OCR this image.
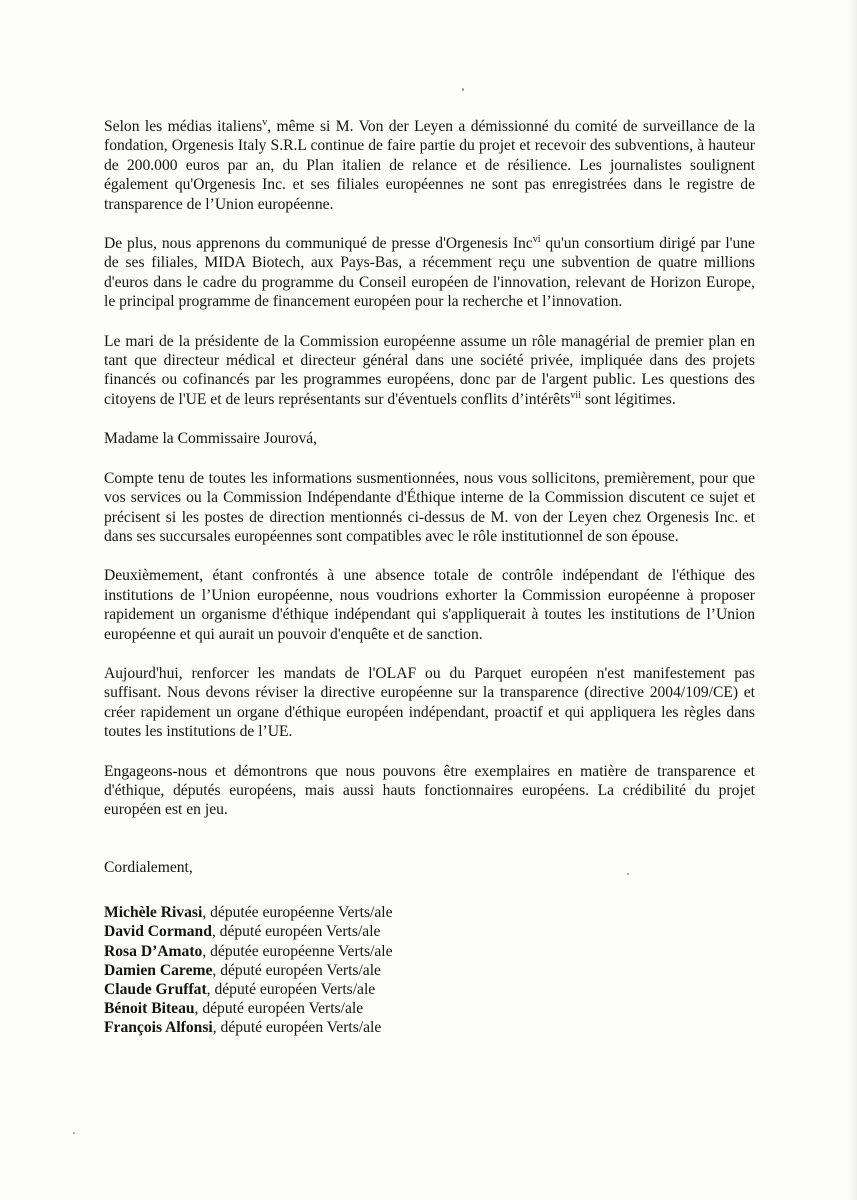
Selon les médias italiens$^v$, même si M. Von der Leyen a démissionné du comité de surveillance de la fondation, Orgenesis Italy S.R.L continue de faire partie du projet et recevoir des subventions, à hauteur de 200.000 euros par an, du Plan italien de relance et de résilience. Les journalistes soulignent également qu'Orgenesis Inc. et ses filiales européennes ne sont pas enregistrées dans le registre de transparence de l’Union européenne.

De plus, nous apprenons du communiqué de presse d'Orgenesis Inc$^{vi}$ qu'un consortium dirigé par l'une de ses filiales, MIDA Biotech, aux Pays-Bas, a récemment reçu une subvention de quatre millions d'euros dans le cadre du programme du Conseil européen de l'innovation, relevant de Horizon Europe, le principal programme de financement européen pour la recherche et l’innovation.

Le mari de la présidente de la Commission européenne assume un rôle managérial de premier plan en tant que directeur médical et directeur général dans une société privée, impliquée dans des projets financés ou cofinancés par les programmes européens, donc par de l'argent public. Les questions des citoyens de l'UE et de leurs représentants sur d'éventuels conflits d’intérêts$^{vii}$ sont légitimes.

Madame la Commissaire Jourová,

Compte tenu de toutes les informations susmentionnées, nous vous sollicitons, premièrement, pour que vos services ou la Commission Indépendante d'Éthique interne de la Commission discutent ce sujet et précisent si les postes de direction mentionnés ci-dessus de M. von der Leyen chez Orgenesis Inc. et dans ses succursales européennes sont compatibles avec le rôle institutionnel de son épouse.

Deuxièmement, étant confrontés à une absence totale de contrôle indépendant de l'éthique des institutions de l’Union européenne, nous voudrions exhorter la Commission européenne à proposer rapidement un organisme d'éthique indépendant qui s'appliquerait à toutes les institutions de l’Union européenne et qui aurait un pouvoir d'enquête et de sanction.

Aujourd'hui, renforcer les mandats de l'OLAF ou du Parquet européen n'est manifestement pas suffisant. Nous devons réviser la directive européenne sur la transparence (directive 2004/109/CE) et créer rapidement un organe d'éthique européen indépendant, proactif et qui appliquera les règles dans toutes les institutions de l’UE.

Engageons-nous et démontrons que nous pouvons être exemplaires en matière de transparence et d'éthique, députés européens, mais aussi hauts fonctionnaires européens. La crédibilité du projet européen est en jeu.

Cordialement,

Michèle Rivasi, députée européenne Verts/ale
David Cormand, député européen Verts/ale
Rosa D’Amato, députée européenne Verts/ale
Damien Careme, député européen Verts/ale
Claude Gruffat, député européen Verts/ale
Bénoit Biteau, député européen Verts/ale
François Alfonsi, député européen Verts/ale
